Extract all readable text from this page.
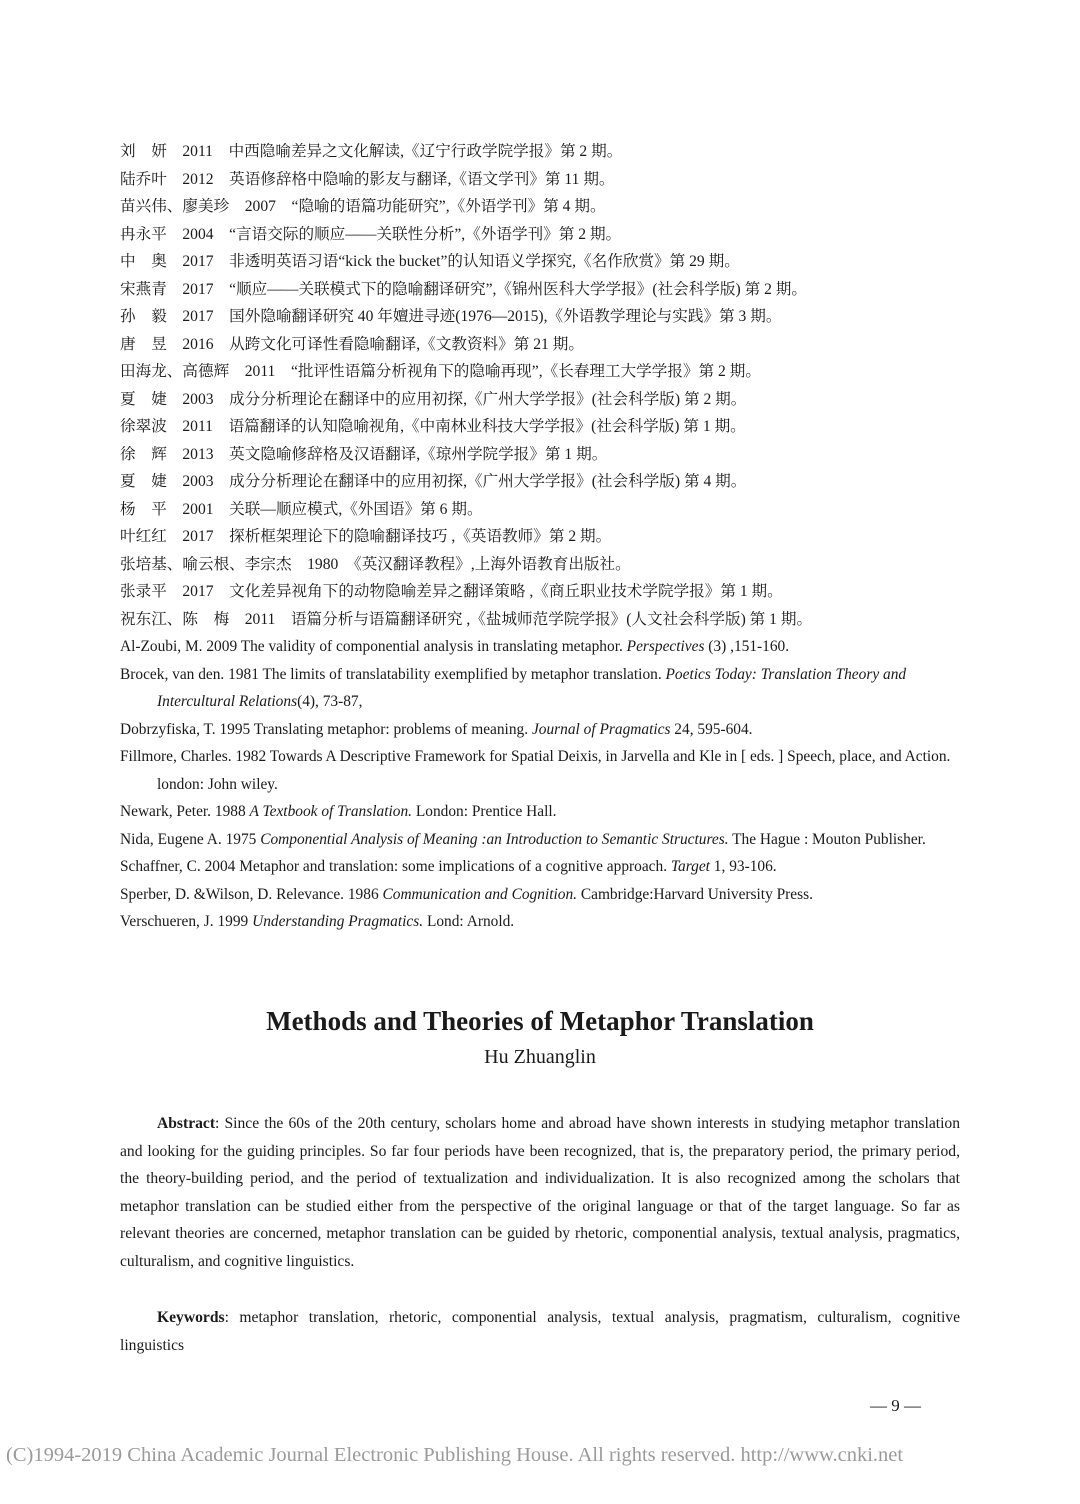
刘　妍　2011　中西隐喻差异之文化解读,《辽宁行政学院学报》第 2 期。
陆乔叶　2012　英语修辞格中隐喻的影友与翻译,《语文学刊》第 11 期。
苗兴伟、廖美珍　2007　“隐喻的语篇功能研究”,《外语学刊》第 4 期。
冉永平　2004　“言语交际的顺应——关联性分析”,《外语学刊》第 2 期。
中　奥　2017　非透明英语习语“kick the bucket”的认知语义学探究,《名作欣赏》第 29 期。
宋燕青　2017　“顺应——关联模式下的隐喻翻译研究”,《锦州医科大学学报》(社会科学版) 第 2 期。
孙　毅　2017　国外隐喻翻译研究 40 年嬗进寻迹(1976—2015),《外语教学理论与实践》第 3 期。
唐　昱　2016　从跨文化可译性看隐喻翻译,《文教资料》第 21 期。
田海龙、高德辉　2011　“批评性语篇分析视角下的隐喻再现”,《长春理工大学学报》第 2 期。
夏　婕　2003　成分分析理论在翻译中的应用初探,《广州大学学报》(社会科学版) 第 2 期。
徐翠波　2011　语篇翻译的认知隐喻视角,《中南林业科技大学学报》(社会科学版) 第 1 期。
徐　辉　2013　英文隐喻修辞格及汉语翻译,《琼州学院学报》第 1 期。
夏　婕　2003　成分分析理论在翻译中的应用初探,《广州大学学报》(社会科学版) 第 4 期。
杨　平　2001　关联—顺应模式,《外国语》第 6 期。
叶红红　2017　探析框架理论下的隐喻翻译技巧 ,《英语教师》第 2 期。
张培基、喻云根、李宗杰　1980　《英汉翻译教程》,上海外语教育出版社。
张录平　2017　文化差异视角下的动物隐喻差异之翻译策略 ,《商丘职业技术学院学报》第 1 期。
祝东江、陈　梅　2011　语篇分析与语篇翻译研究 ,《盐城师范学院学报》(人文社会科学版) 第 1 期。
Al-Zoubi, M. 2009 The validity of componential analysis in translating metaphor. Perspectives (3) ,151-160.
Brocek, van den. 1981 The limits of translatability exemplified by metaphor translation. Poetics Today: Translation Theory and Intercultural Relations(4), 73-87,
Dobrzyfiska, T. 1995 Translating metaphor: problems of meaning. Journal of Pragmatics 24, 595-604.
Fillmore, Charles. 1982 Towards A Descriptive Framework for Spatial Deixis, in Jarvella and Kle in [ eds. ] Speech, place, and Action. london: John wiley.
Newark, Peter. 1988 A Textbook of Translation. London: Prentice Hall.
Nida, Eugene A. 1975 Componential Analysis of Meaning :an Introduction to Semantic Structures. The Hague : Mouton Publisher.
Schaffner, C. 2004 Metaphor and translation: some implications of a cognitive approach. Target 1, 93-106.
Sperber, D. &Wilson, D. Relevance. 1986 Communication and Cognition. Cambridge:Harvard University Press.
Verschueren, J. 1999 Understanding Pragmatics. Lond: Arnold.
Methods and Theories of Metaphor Translation
Hu Zhuanglin
Abstract: Since the 60s of the 20th century, scholars home and abroad have shown interests in studying metaphor translation and looking for the guiding principles. So far four periods have been recognized, that is, the preparatory period, the primary period, the theory-building period, and the period of textualization and individualization. It is also recognized among the scholars that metaphor translation can be studied either from the perspective of the original language or that of the target language. So far as relevant theories are concerned, metaphor translation can be guided by rhetoric, componential analysis, textual analysis, pragmatics, culturalism, and cognitive linguistics.
Keywords: metaphor translation, rhetoric, componential analysis, textual analysis, pragmatism, culturalism, cognitive linguistics
— 9 —
(C)1994-2019 China Academic Journal Electronic Publishing House. All rights reserved. http://www.cnki.net
